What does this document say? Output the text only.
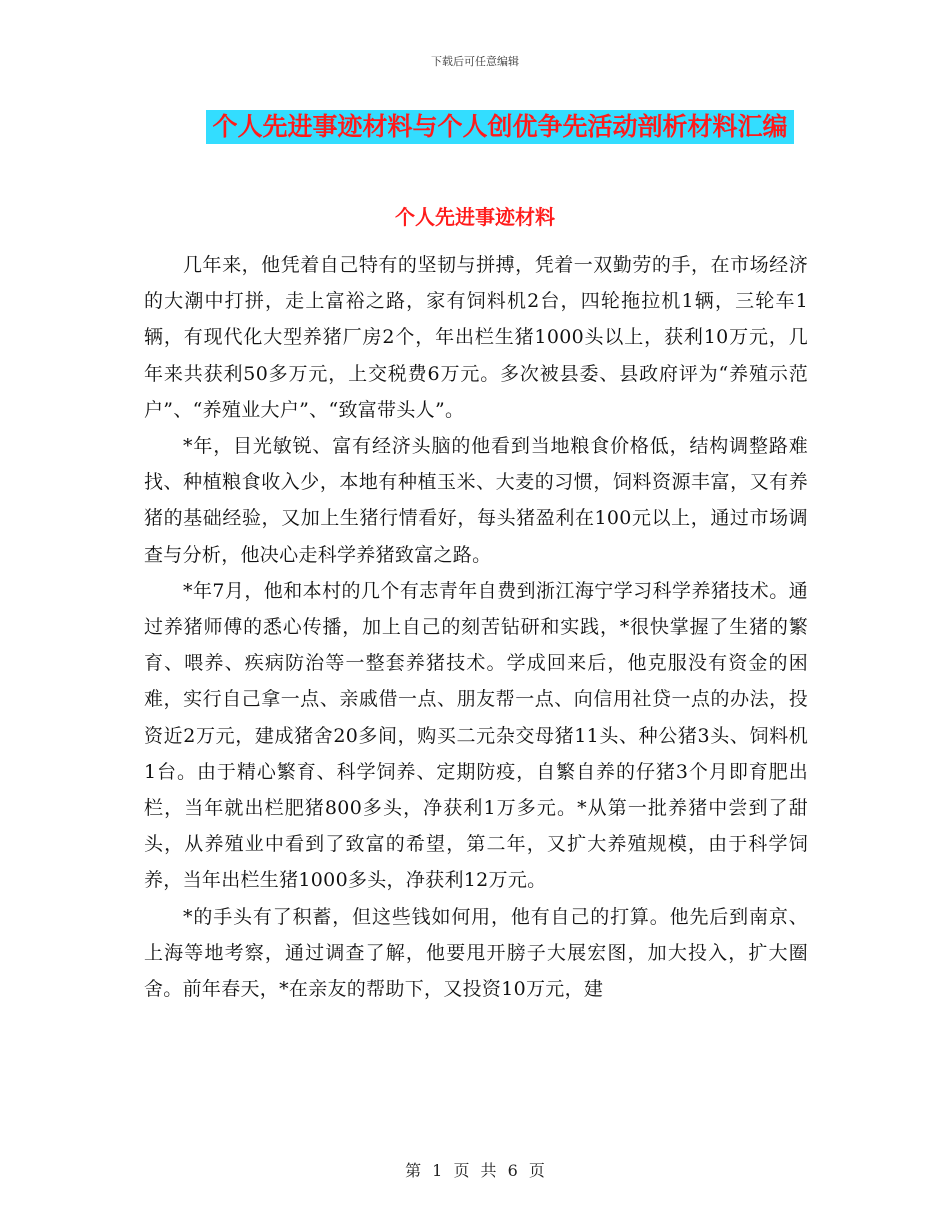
下载后可任意编辑
个人先进事迹材料与个人创优争先活动剖析材料汇编
个人先进事迹材料

几年来，他凭着自己特有的坚韧与拼搏，凭着一双勤劳的手，在市场经济的大潮中打拼，走上富裕之路，家有饲料机2台，四轮拖拉机1辆，三轮车1辆，有现代化大型养猪厂房2个，年出栏生猪1000头以上，获利10万元，几年来共获利50多万元，上交税费6万元。多次被县委、县政府评为“养殖示范户”、“养殖业大户”、“致富带头人”。

*年，目光敏锐、富有经济头脑的他看到当地粮食价格低，结构调整路难找、种植粮食收入少，本地有种植玉米、大麦的习惯，饲料资源丰富，又有养猪的基础经验，又加上生猪行情看好，每头猪盈利在100元以上，通过市场调查与分析，他决心走科学养猪致富之路。

*年7月，他和本村的几个有志青年自费到浙江海宁学习科学养猪技术。通过养猪师傅的悉心传播，加上自己的刻苦钻研和实践，*很快掌握了生猪的繁育、喂养、疾病防治等一整套养猪技术。学成回来后，他克服没有资金的困难，实行自己拿一点、亲戚借一点、朋友帮一点、向信用社贷一点的办法，投资近2万元，建成猪舍20多间，购买二元杂交母猪11头、种公猪3头、饲料机1台。由于精心繁育、科学饲养、定期防疫，自繁自养的仔猪3个月即育肥出栏，当年就出栏肥猪800多头，净获利1万多元。*从第一批养猪中尝到了甜头，从养殖业中看到了致富的希望，第二年，又扩大养殖规模，由于科学饲养，当年出栏生猪1000多头，净获利12万元。

*的手头有了积蓄，但这些钱如何用，他有自己的打算。他先后到南京、上海等地考察，通过调查了解，他要甩开膀子大展宏图，加大投入，扩大圈舍。前年春天，*在亲友的帮助下，又投资10万元，建

第 1 页 共 6 页
